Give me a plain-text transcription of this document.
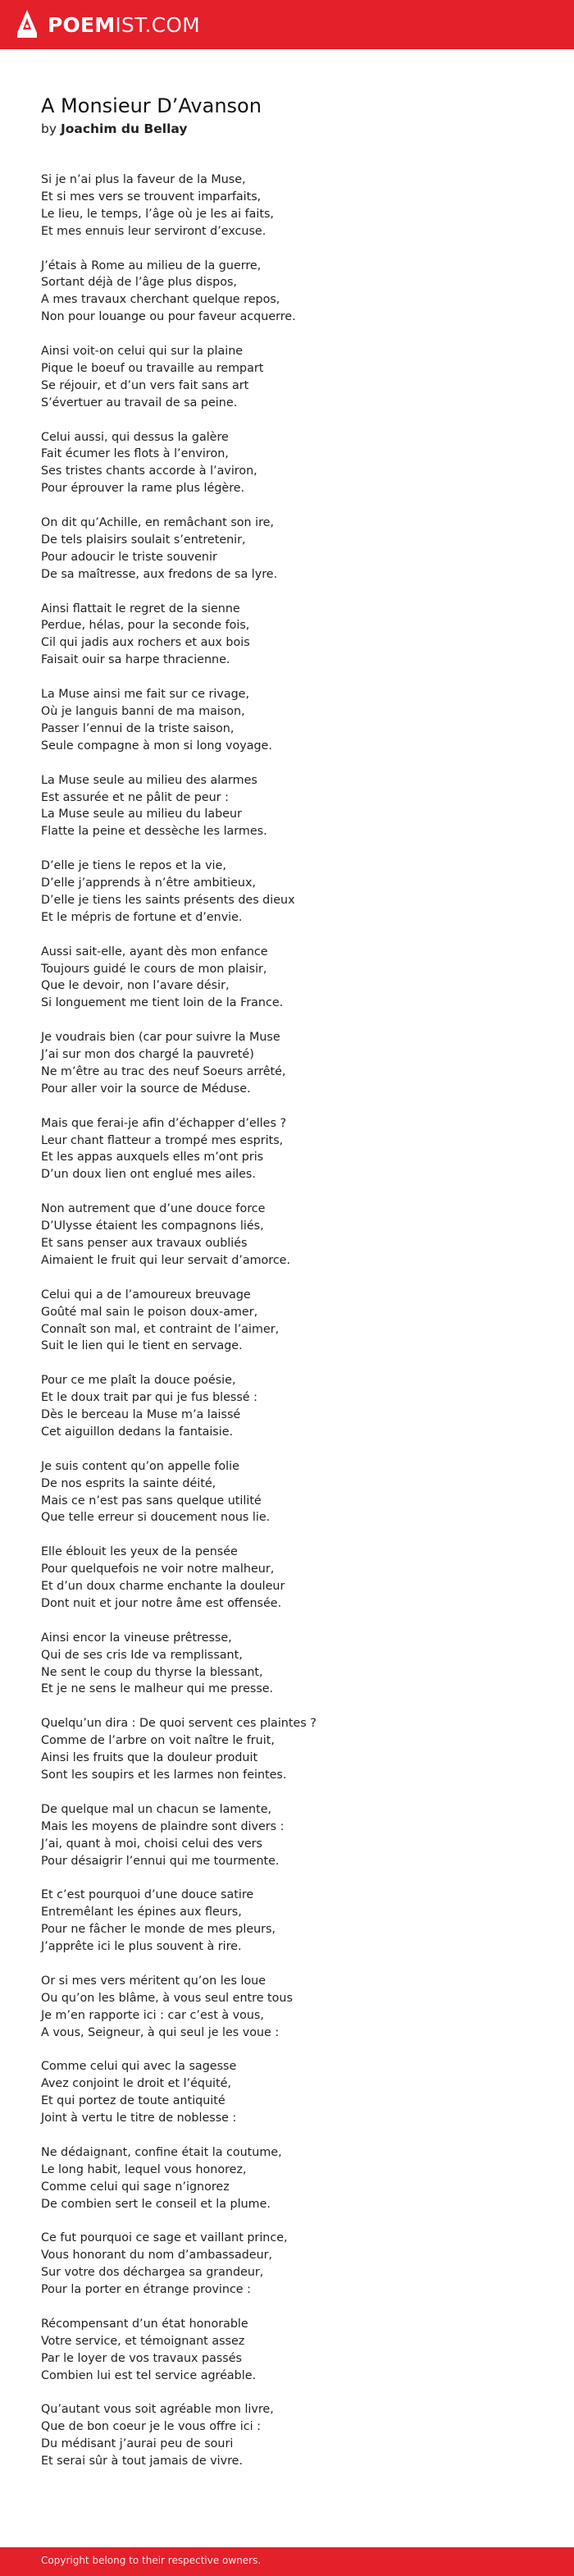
POEM IST.COM
A Monsieur D’Avanson
by Joachim du Bellay
Si je n’ai plus la faveur de la Muse,
Et si mes vers se trouvent imparfaits,
Le lieu, le temps, l’âge où je les ai faits,
Et mes ennuis leur serviront d’excuse.
J’étais à Rome au milieu de la guerre,
Sortant déjà de l’âge plus dispos,
A mes travaux cherchant quelque repos,
Non pour louange ou pour faveur acquerre.
Ainsi voit-on celui qui sur la plaine
Pique le boeuf ou travaille au rempart
Se réjouir, et d’un vers fait sans art
S’évertuer au travail de sa peine.
Celui aussi, qui dessus la galère
Fait écumer les flots à l’environ,
Ses tristes chants accorde à l’aviron,
Pour éprouver la rame plus légère.
On dit qu’Achille, en remâchant son ire,
De tels plaisirs soulait s’entretenir,
Pour adoucir le triste souvenir
De sa maîtresse, aux fredons de sa lyre.
Ainsi flattait le regret de la sienne
Perdue, hélas, pour la seconde fois,
Cil qui jadis aux rochers et aux bois
Faisait ouir sa harpe thracienne.
La Muse ainsi me fait sur ce rivage,
Où je languis banni de ma maison,
Passer l’ennui de la triste saison,
Seule compagne à mon si long voyage.
La Muse seule au milieu des alarmes
Est assurée et ne pâlit de peur :
La Muse seule au milieu du labeur
Flatte la peine et dessèche les larmes.
D’elle je tiens le repos et la vie,
D’elle j’apprends à n’être ambitieux,
D’elle je tiens les saints présents des dieux
Et le mépris de fortune et d’envie.
Aussi sait-elle, ayant dès mon enfance
Toujours guidé le cours de mon plaisir,
Que le devoir, non l’avare désir,
Si longuement me tient loin de la France.
Je voudrais bien (car pour suivre la Muse
J’ai sur mon dos chargé la pauvreté)
Ne m’être au trac des neuf Soeurs arrêté,
Pour aller voir la source de Méduse.
Mais que ferai-je afin d’échapper d’elles ?
Leur chant flatteur a trompé mes esprits,
Et les appas auxquels elles m’ont pris
D’un doux lien ont englué mes ailes.
Non autrement que d’une douce force
D’Ulysse étaient les compagnons liés,
Et sans penser aux travaux oubliés
Aimaient le fruit qui leur servait d’amorce.
Celui qui a de l’amoureux breuvage
Goûté mal sain le poison doux-amer,
Connaît son mal, et contraint de l’aimer,
Suit le lien qui le tient en servage.
Pour ce me plaît la douce poésie,
Et le doux trait par qui je fus blessé :
Dès le berceau la Muse m’a laissé
Cet aiguillon dedans la fantaisie.
Je suis content qu’on appelle folie
De nos esprits la sainte déité,
Mais ce n’est pas sans quelque utilité
Que telle erreur si doucement nous lie.
Elle éblouit les yeux de la pensée
Pour quelquefois ne voir notre malheur,
Et d’un doux charme enchante la douleur
Dont nuit et jour notre âme est offensée.
Ainsi encor la vineuse prêtresse,
Qui de ses cris Ide va remplissant,
Ne sent le coup du thyrse la blessant,
Et je ne sens le malheur qui me presse.
Quelqu’un dira : De quoi servent ces plaintes ?
Comme de l’arbre on voit naître le fruit,
Ainsi les fruits que la douleur produit
Sont les soupirs et les larmes non feintes.
De quelque mal un chacun se lamente,
Mais les moyens de plaindre sont divers :
J’ai, quant à moi, choisi celui des vers
Pour désaigrir l’ennui qui me tourmente.
Et c’est pourquoi d’une douce satire
Entremêlant les épines aux fleurs,
Pour ne fâcher le monde de mes pleurs,
J’apprête ici le plus souvent à rire.
Or si mes vers méritent qu’on les loue
Ou qu’on les blâme, à vous seul entre tous
Je m’en rapporte ici : car c’est à vous,
A vous, Seigneur, à qui seul je les voue :
Comme celui qui avec la sagesse
Avez conjoint le droit et l’équité,
Et qui portez de toute antiquité
Joint à vertu le titre de noblesse :
Ne dédaignant, confine était la coutume,
Le long habit, lequel vous honorez,
Comme celui qui sage n’ignorez
De combien sert le conseil et la plume.
Ce fut pourquoi ce sage et vaillant prince,
Vous honorant du nom d’ambassadeur,
Sur votre dos déchargea sa grandeur,
Pour la porter en étrange province :
Récompensant d’un état honorable
Votre service, et témoignant assez
Par le loyer de vos travaux passés
Combien lui est tel service agréable.
Qu’autant vous soit agréable mon livre,
Que de bon coeur je le vous offre ici :
Du médisant j’aurai peu de souri
Et serai sûr à tout jamais de vivre.
Copyright belong to their respective owners.
